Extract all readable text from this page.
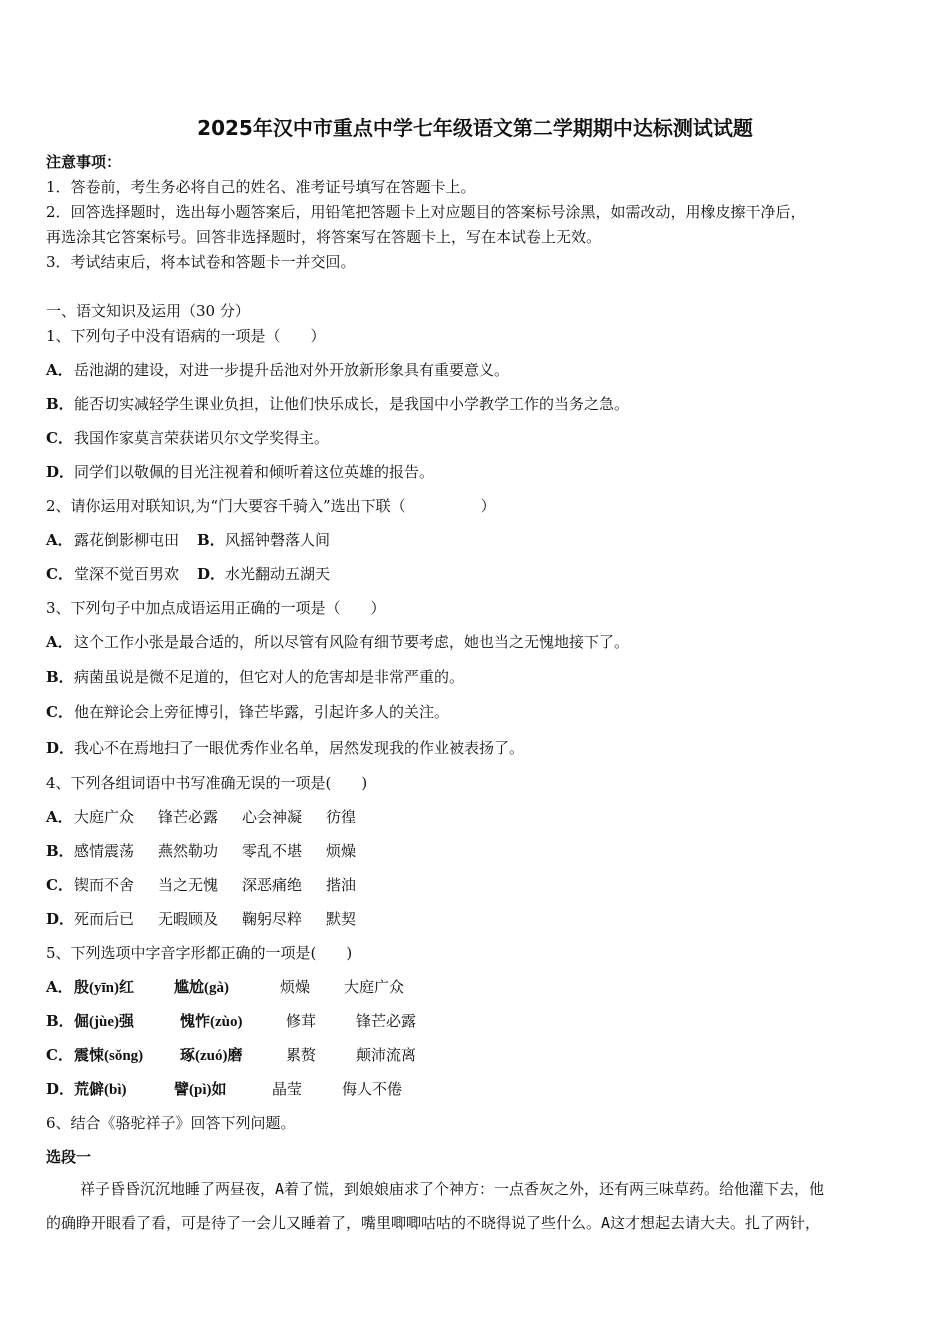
2025年汉中市重点中学七年级语文第二学期期中达标测试试题
注意事项：
1．答卷前，考生务必将自己的姓名、准考证号填写在答题卡上。
2．回答选择题时，选出每小题答案后，用铅笔把答题卡上对应题目的答案标号涂黑，如需改动，用橡皮擦干净后，
再选涂其它答案标号。回答非选择题时，将答案写在答题卡上，写在本试卷上无效。
3．考试结束后，将本试卷和答题卡一并交回。
一、语文知识及运用（30 分）
1、下列句子中没有语病的一项是（　　）
A．岳池湖的建设，对进一步提升岳池对外开放新形象具有重要意义。
B．能否切实减轻学生课业负担，让他们快乐成长，是我国中小学教学工作的当务之急。
C．我国作家莫言荣获诺贝尔文学奖得主。
D．同学们以敬佩的目光注视着和倾听着这位英雄的报告。
2、请你运用对联知识,为“门大要容千骑入”选出下联（　　　　　）
A．露花倒影柳屯田 B．风摇钟磬落人间
C．堂深不觉百男欢 D．水光翻动五湖天
3、下列句子中加点成语运用正确的一项是（　　）
A．这个工作小张是最合适的，所以尽管有风险有细节要考虑，她也当之无愧地接下了。
B．病菌虽说是微不足道的，但它对人的危害却是非常严重的。
C．他在辩论会上旁征博引，锋芒毕露，引起许多人的关注。
D．我心不在焉地扫了一眼优秀作业名单，居然发现我的作业被表扬了。
4、下列各组词语中书写准确无误的一项是(　　)
A．大庭广众 锋芒必露 心会神凝 彷徨
B．感情震荡 燕然勒功 零乱不堪 烦燥
C．锲而不舍 当之无愧 深恶痛绝 揩油
D．死而后已 无暇顾及 鞠躬尽粹 默契
5、下列选项中字音字形都正确的一项是(　　)
A．殷(yīn)红	尴尬(gà)	烦燥 大庭广众
B．倔(jùe)强	愧怍(zùo)	修茸	锋芒必露
C．震悚(sǒng) 琢(zuó)磨	累赘	颠沛流离
D．荒僻(bì)	譬(pì)如	晶莹	侮人不倦
6、结合《骆驼祥子》回答下列问题。
选段一

祥子昏昏沉沉地睡了两昼夜，A着了慌，到娘娘庙求了个神方：一点香灰之外，还有两三味草药。给他灌下去，他

的确睁开眼看了看，可是待了一会儿又睡着了，嘴里唧唧咕咕的不晓得说了些什么。A这才想起去请大夫。扎了两针，
